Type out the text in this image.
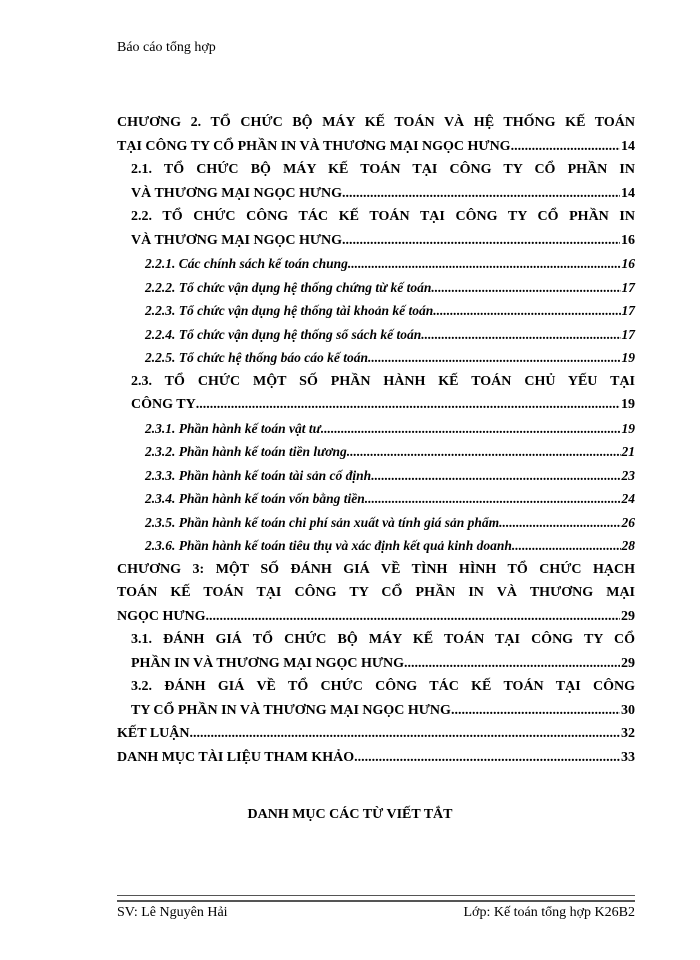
Báo cáo tổng hợp
CHƯƠNG 2. TỔ CHỨC BỘ MÁY KẾ TOÁN VÀ HỆ THỐNG KẾ TOÁN
TẠI CÔNG TY CỔ PHẦN IN VÀ THƯƠNG MẠI NGỌC HƯNG .....	14
2.1. TỔ CHỨC BỘ MÁY KẾ TOÁN TẠI CÔNG TY CỔ PHẦN IN
VÀ THƯƠNG MẠI NGỌC HƯNG .....	14
2.2. TỔ CHỨC CÔNG TÁC KẾ TOÁN TẠI CÔNG TY CỔ PHẦN IN
VÀ THƯƠNG MẠI NGỌC HƯNG .....	16
2.2.1. Các chính sách kế toán chung .....	16
2.2.2. Tổ chức vận dụng hệ thống chứng từ kế toán .....	17
2.2.3. Tổ chức vận dụng hệ thống tài khoản kế toán .....	17
2.2.4. Tổ chức vận dụng hệ thống sổ sách kế toán .....	17
2.2.5. Tổ chức hệ thống báo cáo kế toán .....	19
2.3. TỔ CHỨC MỘT SỐ PHẦN HÀNH KẾ TOÁN CHỦ YẾU TẠI
CÔNG TY .....	19
2.3.1. Phần hành kế toán vật tư .....	19
2.3.2. Phần hành kế toán tiền lương .....	21
2.3.3. Phần hành kế toán tài sản cố định .....	23
2.3.4. Phần hành kế toán vốn bằng tiền .....	24
2.3.5. Phần hành kế toán chi phí sản xuất và tính giá sản phẩm .....	26
2.3.6. Phần hành kế toán tiêu thụ và xác định kết quả kinh doanh .....	28
CHƯƠNG 3: MỘT SỐ ĐÁNH GIÁ VỀ TÌNH HÌNH TỔ CHỨC HẠCH
TOÁN KẾ TOÁN TẠI CÔNG TY CỔ PHẦN IN VÀ THƯƠNG MẠI
NGỌC HƯNG .....	29
3.1. ĐÁNH GIÁ TỔ CHỨC BỘ MÁY KẾ TOÁN TẠI CÔNG TY CỔ
PHẦN IN VÀ THƯƠNG MẠI NGỌC HƯNG .....	29
3.2. ĐÁNH GIÁ VỀ TỔ CHỨC CÔNG TÁC KẾ TOÁN TẠI CÔNG
TY CỔ PHẦN IN VÀ THƯƠNG MẠI NGỌC HƯNG .....	30
KẾT LUẬN .....	32
DANH MỤC TÀI LIỆU THAM KHẢO .....	33
DANH MỤC CÁC TỪ VIẾT TẮT
SV: Lê Nguyên Hải	Lớp: Kế toán tổng hợp K26B2
